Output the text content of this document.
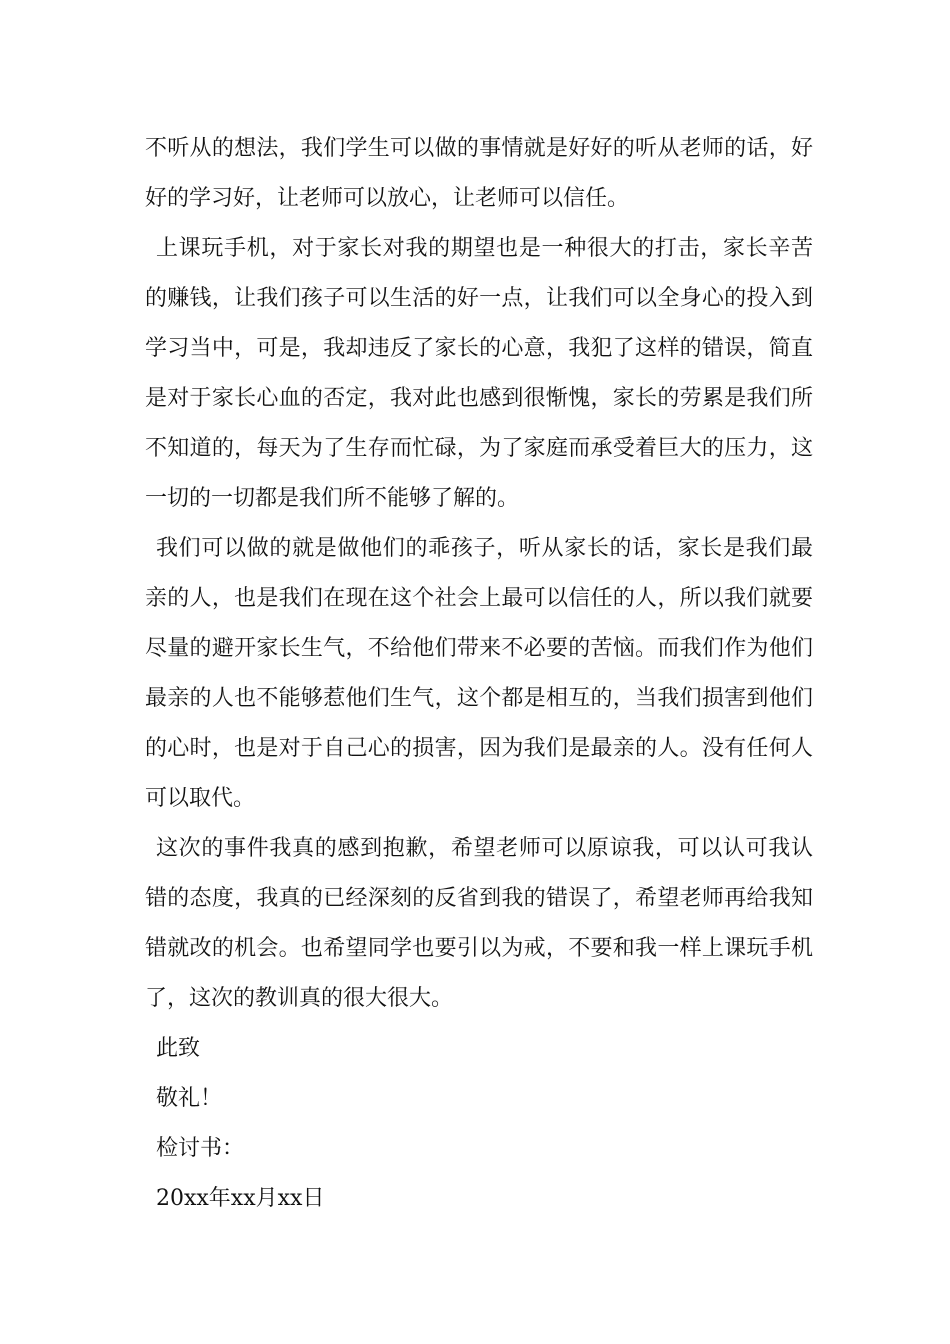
不听从的想法，我们学生可以做的事情就是好好的听从老师的话，好好的学习好，让老师可以放心，让老师可以信任。

上课玩手机，对于家长对我的期望也是一种很大的打击，家长辛苦的赚钱，让我们孩子可以生活的好一点，让我们可以全身心的投入到学习当中，可是，我却违反了家长的心意，我犯了这样的错误，简直是对于家长心血的否定，我对此也感到很惭愧，家长的劳累是我们所不知道的，每天为了生存而忙碌，为了家庭而承受着巨大的压力，这一切的一切都是我们所不能够了解的。

我们可以做的就是做他们的乖孩子，听从家长的话，家长是我们最亲的人，也是我们在现在这个社会上最可以信任的人，所以我们就要尽量的避开家长生气，不给他们带来不必要的苦恼。而我们作为他们最亲的人也不能够惹他们生气，这个都是相互的，当我们损害到他们的心时，也是对于自己心的损害，因为我们是最亲的人。没有任何人可以取代。

这次的事件我真的感到抱歉，希望老师可以原谅我，可以认可我认错的态度，我真的已经深刻的反省到我的错误了，希望老师再给我知错就改的机会。也希望同学也要引以为戒，不要和我一样上课玩手机了，这次的教训真的很大很大。

此致

敬礼！

检讨书：

20xx年xx月xx日
